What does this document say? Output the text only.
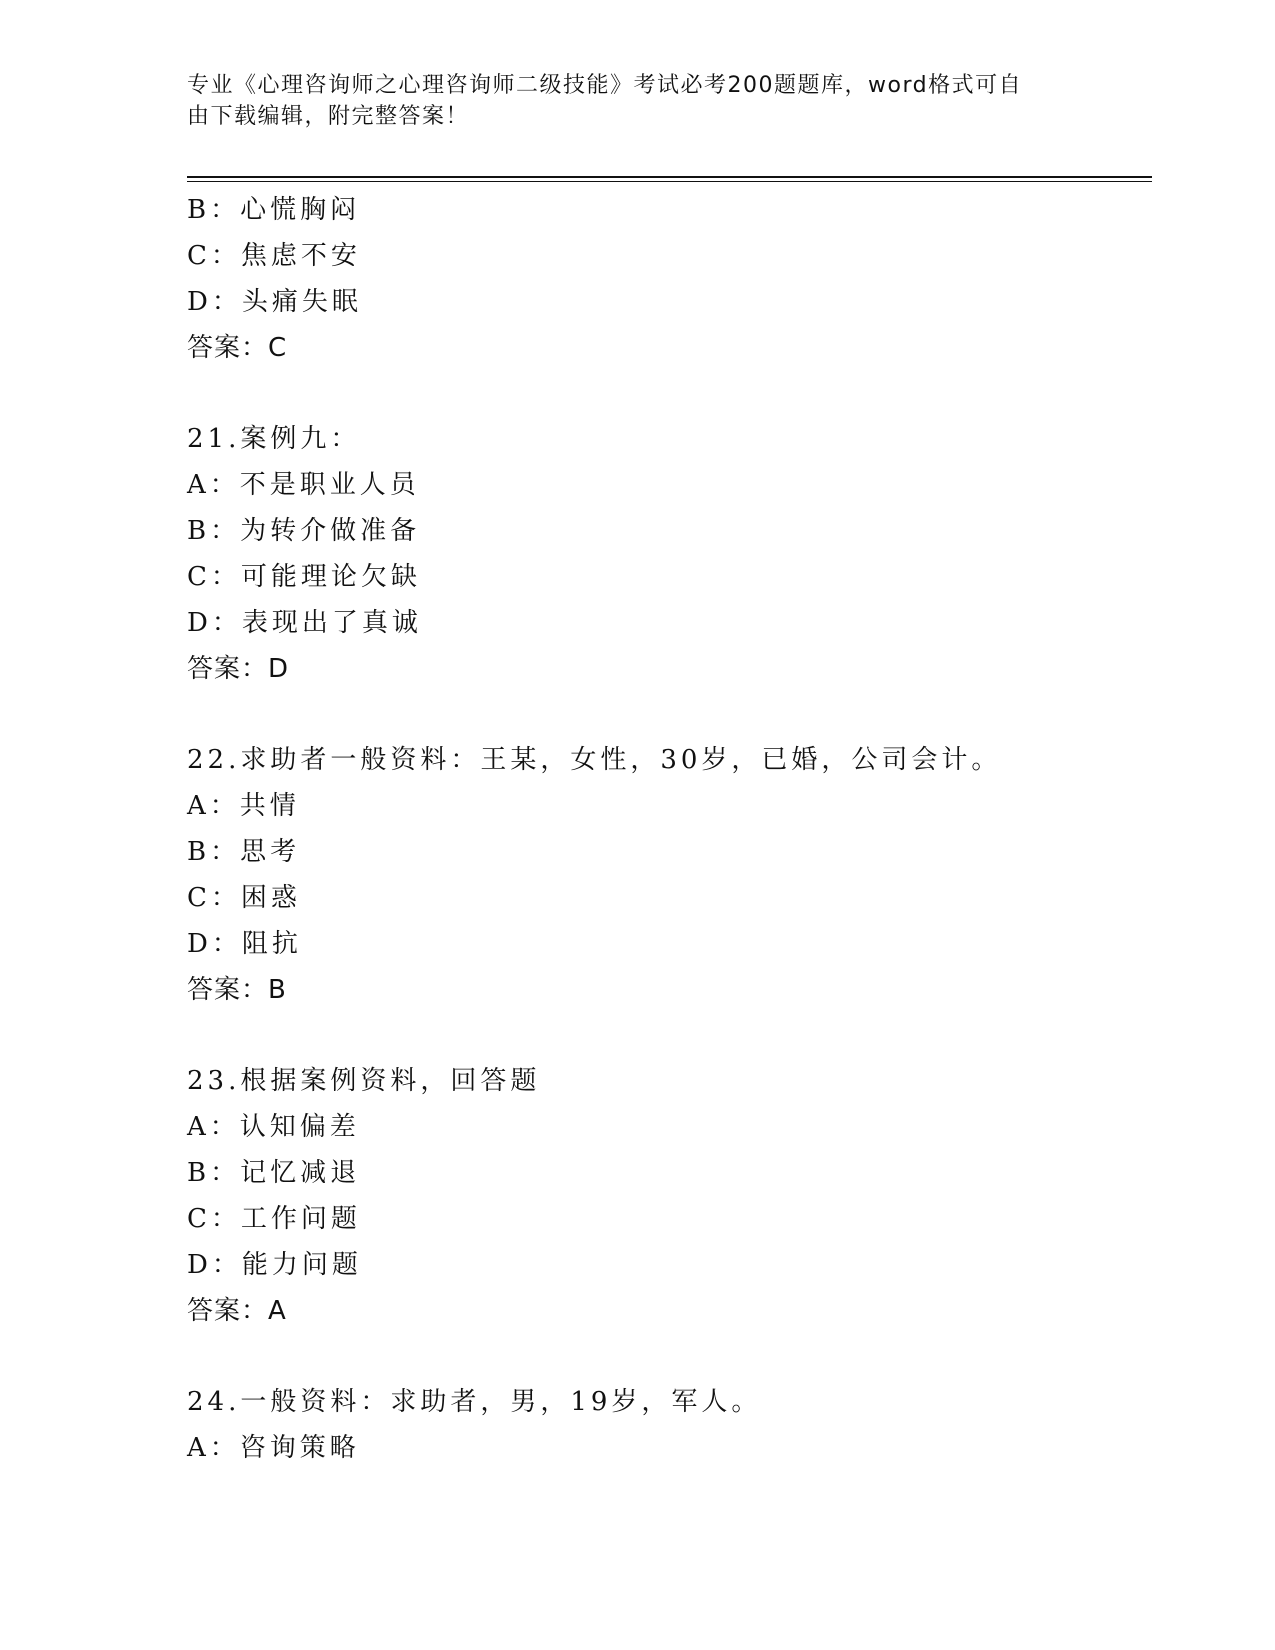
专业《心理咨询师之心理咨询师二级技能》考试必考200题题库，word格式可自
由下载编辑，附完整答案！
B：心慌胸闷
C：焦虑不安
D：头痛失眠
答案：C
21.案例九：
A：不是职业人员
B：为转介做准备
C：可能理论欠缺
D：表现出了真诚
答案：D
22.求助者一般资料：王某，女性，30岁，已婚，公司会计。
A：共情
B：思考
C：困惑
D：阻抗
答案：B
23.根据案例资料，回答题
A：认知偏差
B：记忆减退
C：工作问题
D：能力问题
答案：A
24.一般资料：求助者，男，19岁，军人。
A：咨询策略
